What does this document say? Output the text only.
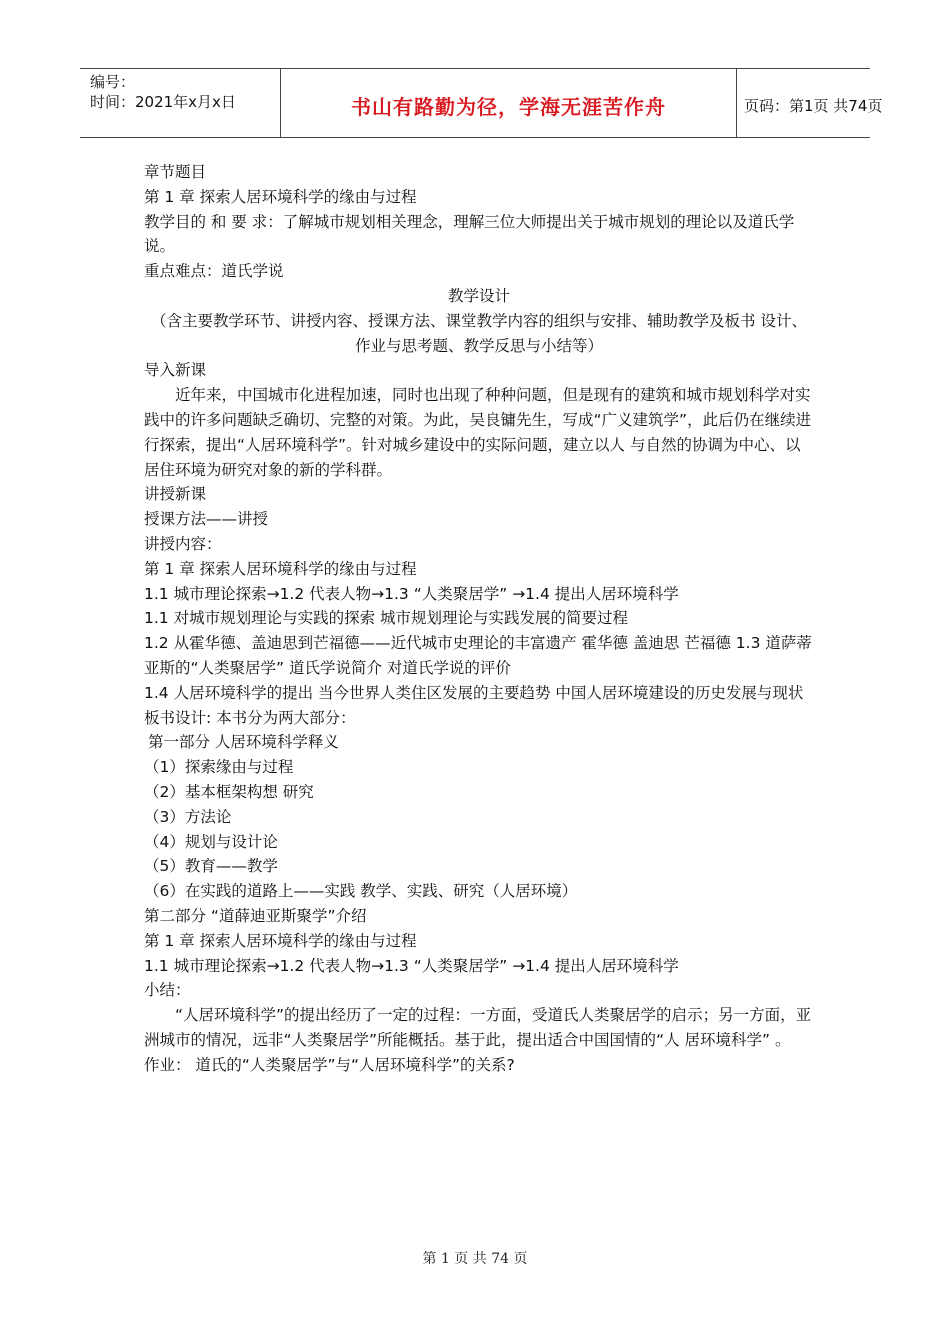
编号：
时间：2021年x月x日	书山有路勤为径，学海无涯苦作舟	页码：第1页 共74页

章节题目

第 1 章 探索人居环境科学的缘由与过程

教学目的 和 要 求：了解城市规划相关理念，理解三位大师提出关于城市规划的理论以及道氏学说。

重点难点：道氏学说

教学设计

（含主要教学环节、讲授内容、授课方法、课堂教学内容的组织与安排、辅助教学及板书 设计、作业与思考题、教学反思与小结等）

导入新课

近年来，中国城市化进程加速，同时也出现了种种问题，但是现有的建筑和城市规划科学对实践中的许多问题缺乏确切、完整的对策。为此，吴良镛先生，写成“广义建筑学”，此后仍在继续进行探索，提出“人居环境科学”。针对城乡建设中的实际问题，建立以人 与自然的协调为中心、以居住环境为研究对象的新的学科群。

讲授新课

授课方法——讲授

讲授内容：

第 1 章 探索人居环境科学的缘由与过程

1.1 城市理论探索→1.2 代表人物→1.3 “人类聚居学” →1.4 提出人居环境科学

1.1 对城市规划理论与实践的探索 城市规划理论与实践发展的简要过程

1.2 从霍华德、盖迪思到芒福德——近代城市史理论的丰富遗产 霍华德 盖迪思 芒福德 1.3 道萨蒂亚斯的“人类聚居学” 道氏学说简介 对道氏学说的评价

1.4 人居环境科学的提出 当今世界人类住区发展的主要趋势 中国人居环境建设的历史发展与现状

板书设计: 本书分为两大部分：

第一部分 人居环境科学释义

（1）探索缘由与过程

（2）基本框架构想 研究

（3）方法论

（4）规划与设计论

（5）教育——教学

（6）在实践的道路上——实践 教学、实践、研究（人居环境）

第二部分 “道薛迪亚斯聚学”介绍

第 1 章 探索人居环境科学的缘由与过程

1.1 城市理论探索→1.2 代表人物→1.3 “人类聚居学” →1.4 提出人居环境科学

小结：

“人居环境科学”的提出经历了一定的过程：一方面，受道氏人类聚居学的启示；另一方面，亚洲城市的情况，远非“人类聚居学”所能概括。基于此，提出适合中国国情的“人 居环境科学” 。

作业： 道氏的“人类聚居学”与“人居环境科学”的关系?

第 1 页 共 74 页
